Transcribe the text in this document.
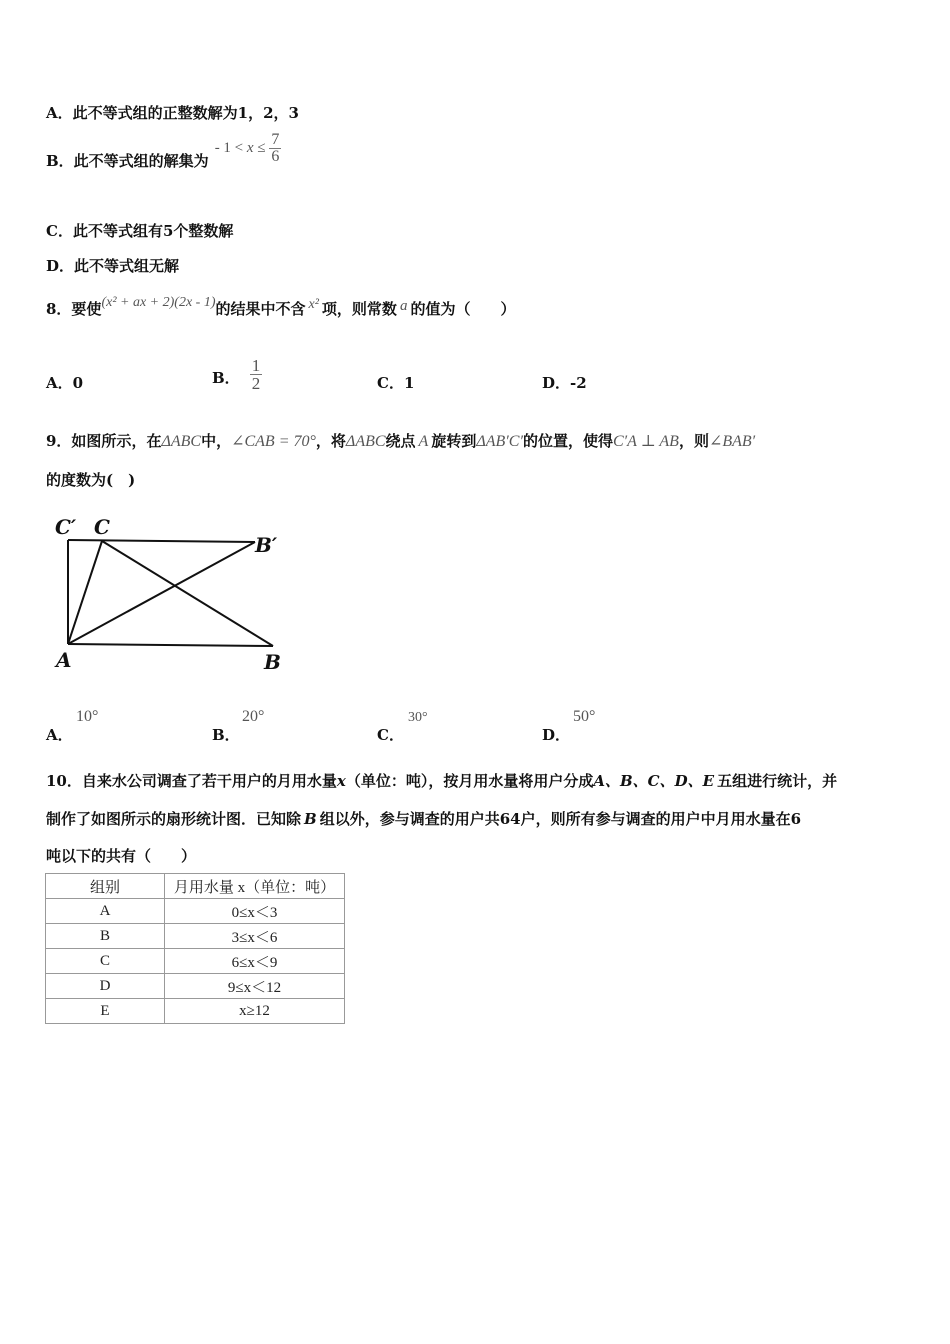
A．此不等式组的正整数解为1，2，3
B．此不等式组的解集为
- $1 < x \le \frac{7}{6}$
C．此不等式组有5个整数解
D．此不等式组无解
8．要使(x² + ax + 2)(2x - 1)的结果中不含 x² 项，则常数 a 的值为（　　）
A．0	B． $\frac{1}{2}$	C．1	D．-2
9．如图所示，在ΔABC中，∠CAB = 70°，将ΔABC绕点 A 旋转到ΔAB′C′的位置，使得C′A ⊥ AB，则∠BAB′
的度数为(　)
C′ C
B′
A	B
A．
10°
B．
20°
C．
30°
D．
50°
10．自来水公司调查了若干用户的月用水量x（单位：吨），按月用水量将用户分成A、B、C、D、E 五组进行统计，并
制作了如图所示的扇形统计图．已知除 B 组以外，参与调查的用户共64户，则所有参与调查的用户中月用水量在6
吨以下的共有（　　）
组别	月用水量 x（单位：吨）
A	0≤x＜3
B	3≤x＜6
C	6≤x＜9
D	9≤x＜12
E	x≥12
